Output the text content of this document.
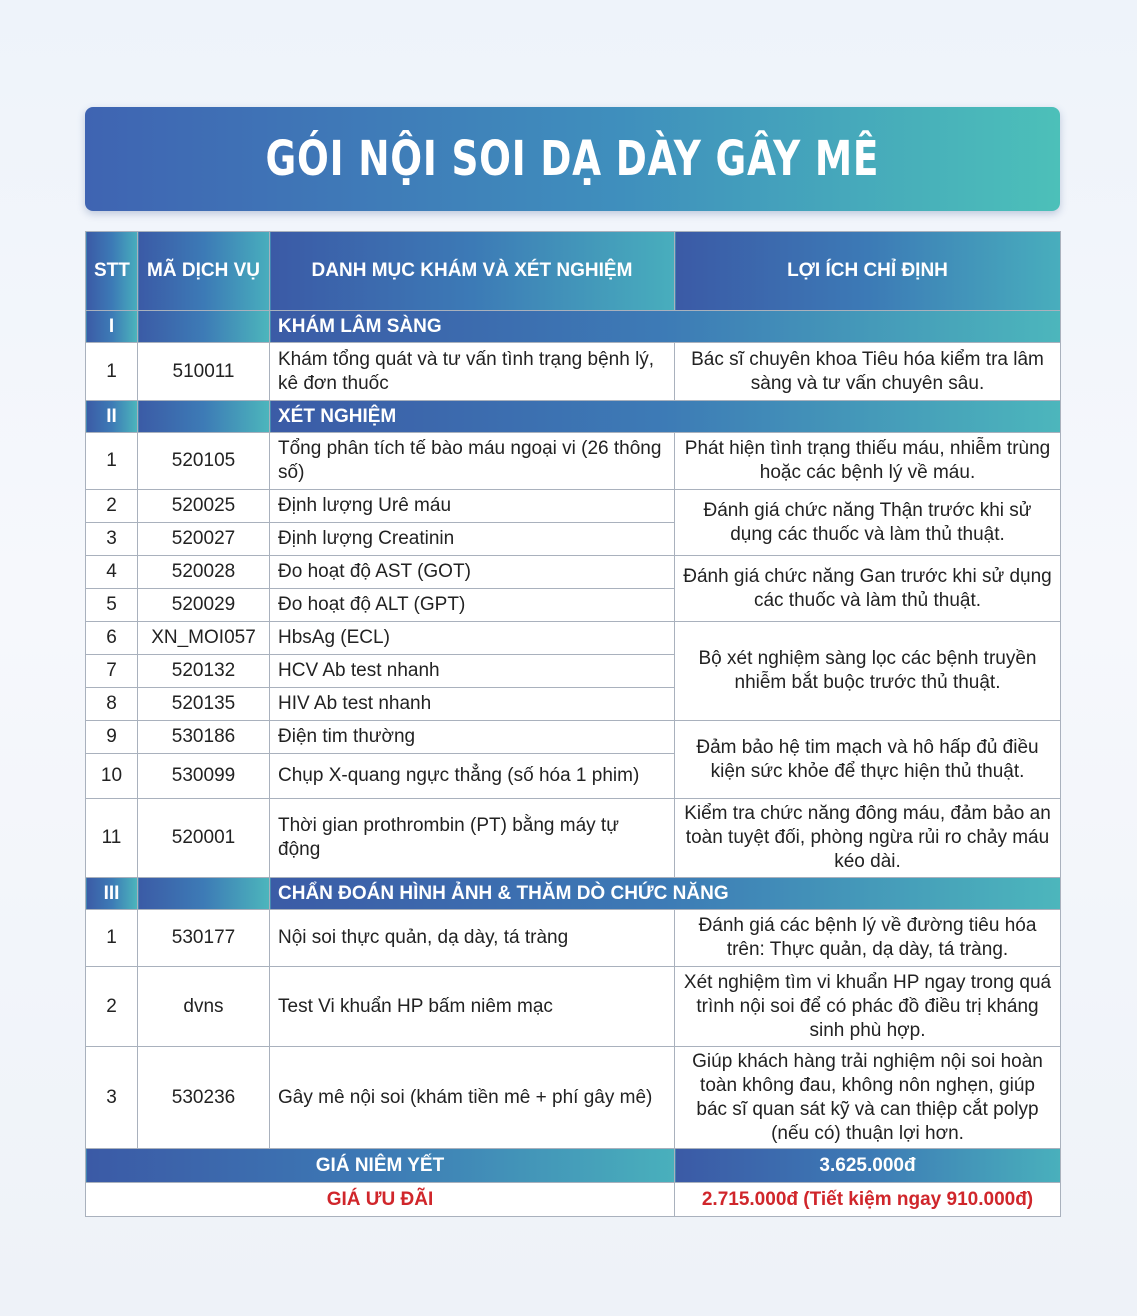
GÓI NỘI SOI DẠ DÀY GÂY MÊ
STT	MÃ DỊCH VỤ	DANH MỤC KHÁM VÀ XÉT NGHIỆM	LỢI ÍCH CHỈ ĐỊNH
I		KHÁM LÂM SÀNG	
1	510011	Khám tổng quát và tư vấn tình trạng bệnh lý, kê đơn thuốc	Bác sĩ chuyên khoa Tiêu hóa kiểm tra lâm sàng và tư vấn chuyên sâu.
II		XÉT NGHIỆM	
1	520105	Tổng phân tích tế bào máu ngoại vi (26 thông số)	Phát hiện tình trạng thiếu máu, nhiễm trùng hoặc các bệnh lý về máu.
2	520025	Định lượng Urê máu	Đánh giá chức năng Thận trước khi sử dụng các thuốc và làm thủ thuật.
3	520027	Định lượng Creatinin	
4	520028	Đo hoạt độ AST (GOT)	Đánh giá chức năng Gan trước khi sử dụng các thuốc và làm thủ thuật.
5	520029	Đo hoạt độ ALT (GPT)	
6	XN_MOI057	HbsAg (ECL)	Bộ xét nghiệm sàng lọc các bệnh truyền nhiễm bắt buộc trước thủ thuật.
7	520132	HCV Ab test nhanh	
8	520135	HIV Ab test nhanh	
9	530186	Điện tim thường	Đảm bảo hệ tim mạch và hô hấp đủ điều kiện sức khỏe để thực hiện thủ thuật.
10	530099	Chụp X-quang ngực thẳng (số hóa 1 phim)	
11	520001	Thời gian prothrombin (PT) bằng máy tự động	Kiểm tra chức năng đông máu, đảm bảo an toàn tuyệt đối, phòng ngừa rủi ro chảy máu kéo dài.
III		CHẨN ĐOÁN HÌNH ẢNH & THĂM DÒ CHỨC NĂNG	
1	530177	Nội soi thực quản, dạ dày, tá tràng	Đánh giá các bệnh lý về đường tiêu hóa trên: Thực quản, dạ dày, tá tràng.
2	dvns	Test Vi khuẩn HP bấm niêm mạc	Xét nghiệm tìm vi khuẩn HP ngay trong quá trình nội soi để có phác đồ điều trị kháng sinh phù hợp.
3	530236	Gây mê nội soi (khám tiền mê + phí gây mê)	Giúp khách hàng trải nghiệm nội soi hoàn toàn không đau, không nôn nghẹn, giúp bác sĩ quan sát kỹ và can thiệp cắt polyp (nếu có) thuận lợi hơn.
GIÁ NIÊM YẾT			3.625.000đ
GIÁ ƯU ĐÃI			2.715.000đ (Tiết kiệm ngay 910.000đ)
